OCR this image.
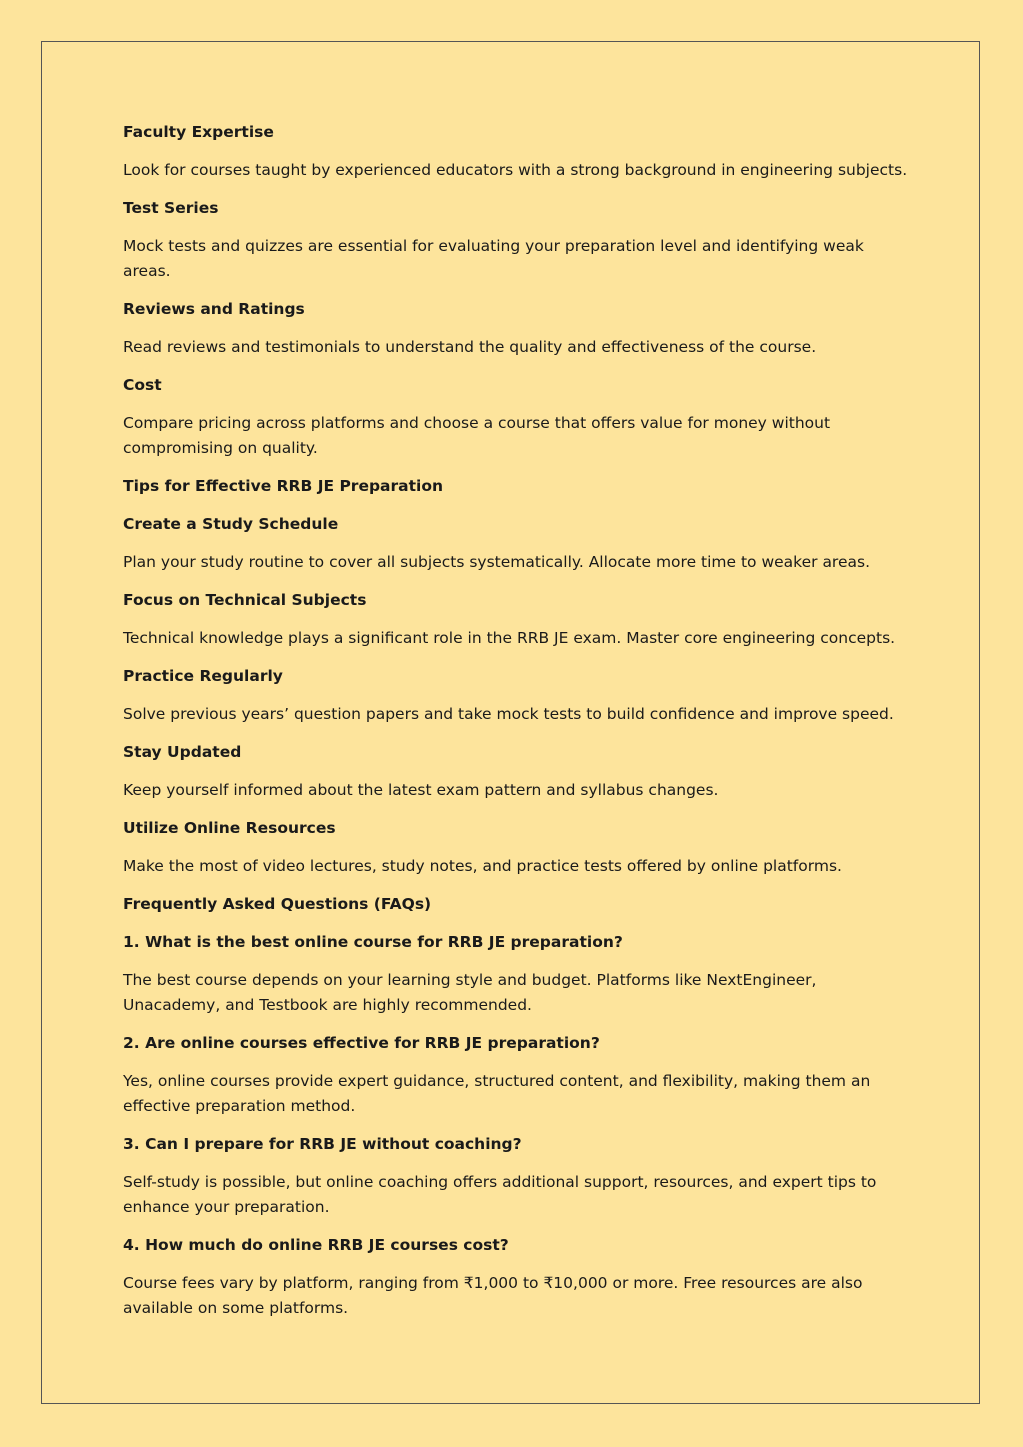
Faculty Expertise

Look for courses taught by experienced educators with a strong background in engineering subjects.

Test Series

Mock tests and quizzes are essential for evaluating your preparation level and identifying weak areas.

Reviews and Ratings

Read reviews and testimonials to understand the quality and effectiveness of the course.

Cost

Compare pricing across platforms and choose a course that offers value for money without compromising on quality.

Tips for Effective RRB JE Preparation

Create a Study Schedule

Plan your study routine to cover all subjects systematically. Allocate more time to weaker areas.

Focus on Technical Subjects

Technical knowledge plays a significant role in the RRB JE exam. Master core engineering concepts.

Practice Regularly

Solve previous years’ question papers and take mock tests to build confidence and improve speed.

Stay Updated

Keep yourself informed about the latest exam pattern and syllabus changes.

Utilize Online Resources

Make the most of video lectures, study notes, and practice tests offered by online platforms.

Frequently Asked Questions (FAQs)

1. What is the best online course for RRB JE preparation?

The best course depends on your learning style and budget. Platforms like NextEngineer, Unacademy, and Testbook are highly recommended.

2. Are online courses effective for RRB JE preparation?

Yes, online courses provide expert guidance, structured content, and flexibility, making them an effective preparation method.

3. Can I prepare for RRB JE without coaching?

Self-study is possible, but online coaching offers additional support, resources, and expert tips to enhance your preparation.

4. How much do online RRB JE courses cost?

Course fees vary by platform, ranging from ₹1,000 to ₹10,000 or more. Free resources are also available on some platforms.
